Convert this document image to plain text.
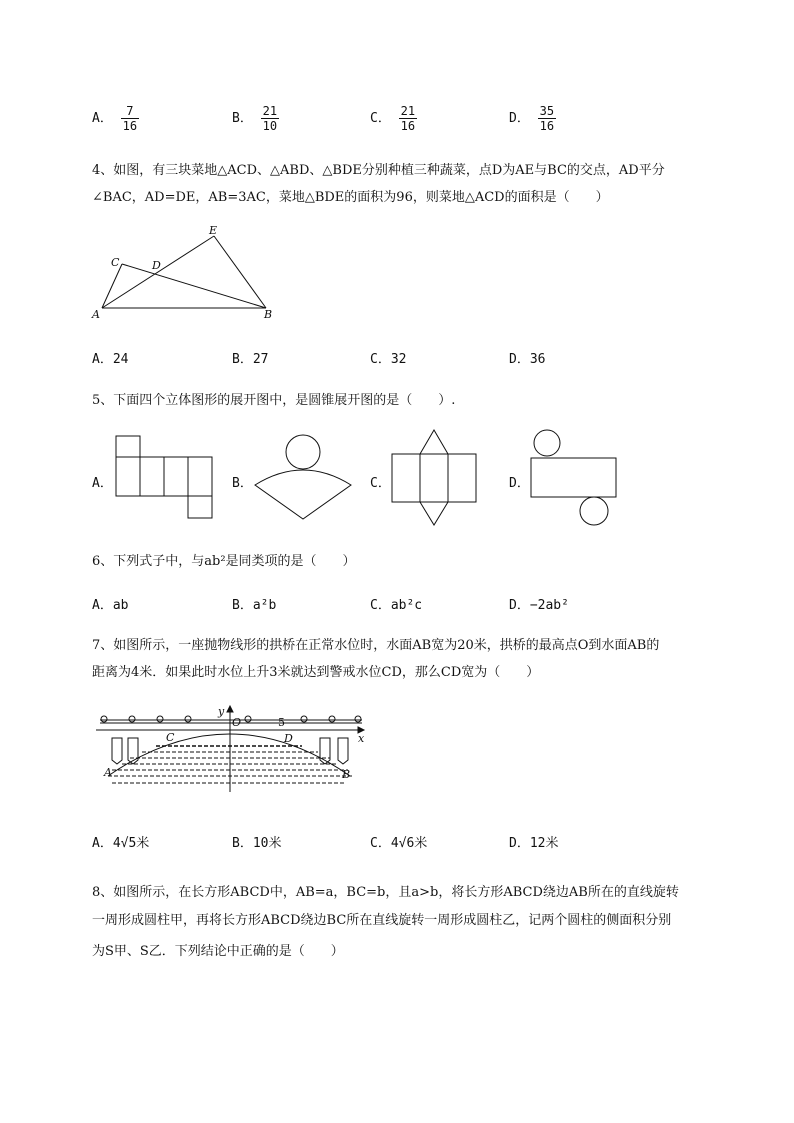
A． $\frac{7}{16}$	B． $\frac{21}{10}$	C． $\frac{21}{16}$	D． $\frac{35}{16}$
4、如图，有三块菜地△ACD、△ABD、△BDE分别种植三种蔬菜，点D为AE与BC的交点，AD平分
∠BAC，AD=DE，AB=3AC，菜地△BDE的面积为96，则菜地△ACD的面积是（　　）
A	B
C	D
E
A．24	B．27	C．32	D．36
5、下面四个立体图形的展开图中，是圆锥展开图的是（　　）.
A．	B．	C．	D．
6、下列式子中，与ab²是同类项的是（　　）
A．ab	B．a²b	C．ab²c	D．−2ab²
7、如图所示，一座抛物线形的拱桥在正常水位时，水面AB宽为20米，拱桥的最高点O到水面AB的
距离为4米．如果此时水位上升3米就达到警戒水位CD，那么CD宽为（　　）
y
x
O	5
C	D
A	B
A．4√5米	B．10米	C．4√6米	D．12米
8、如图所示，在长方形ABCD中，AB=a，BC=b，且a>b，将长方形ABCD绕边AB所在的直线旋转
一周形成圆柱甲，再将长方形ABCD绕边BC所在直线旋转一周形成圆柱乙，记两个圆柱的侧面积分别
为S甲、S乙．下列结论中正确的是（　　）
